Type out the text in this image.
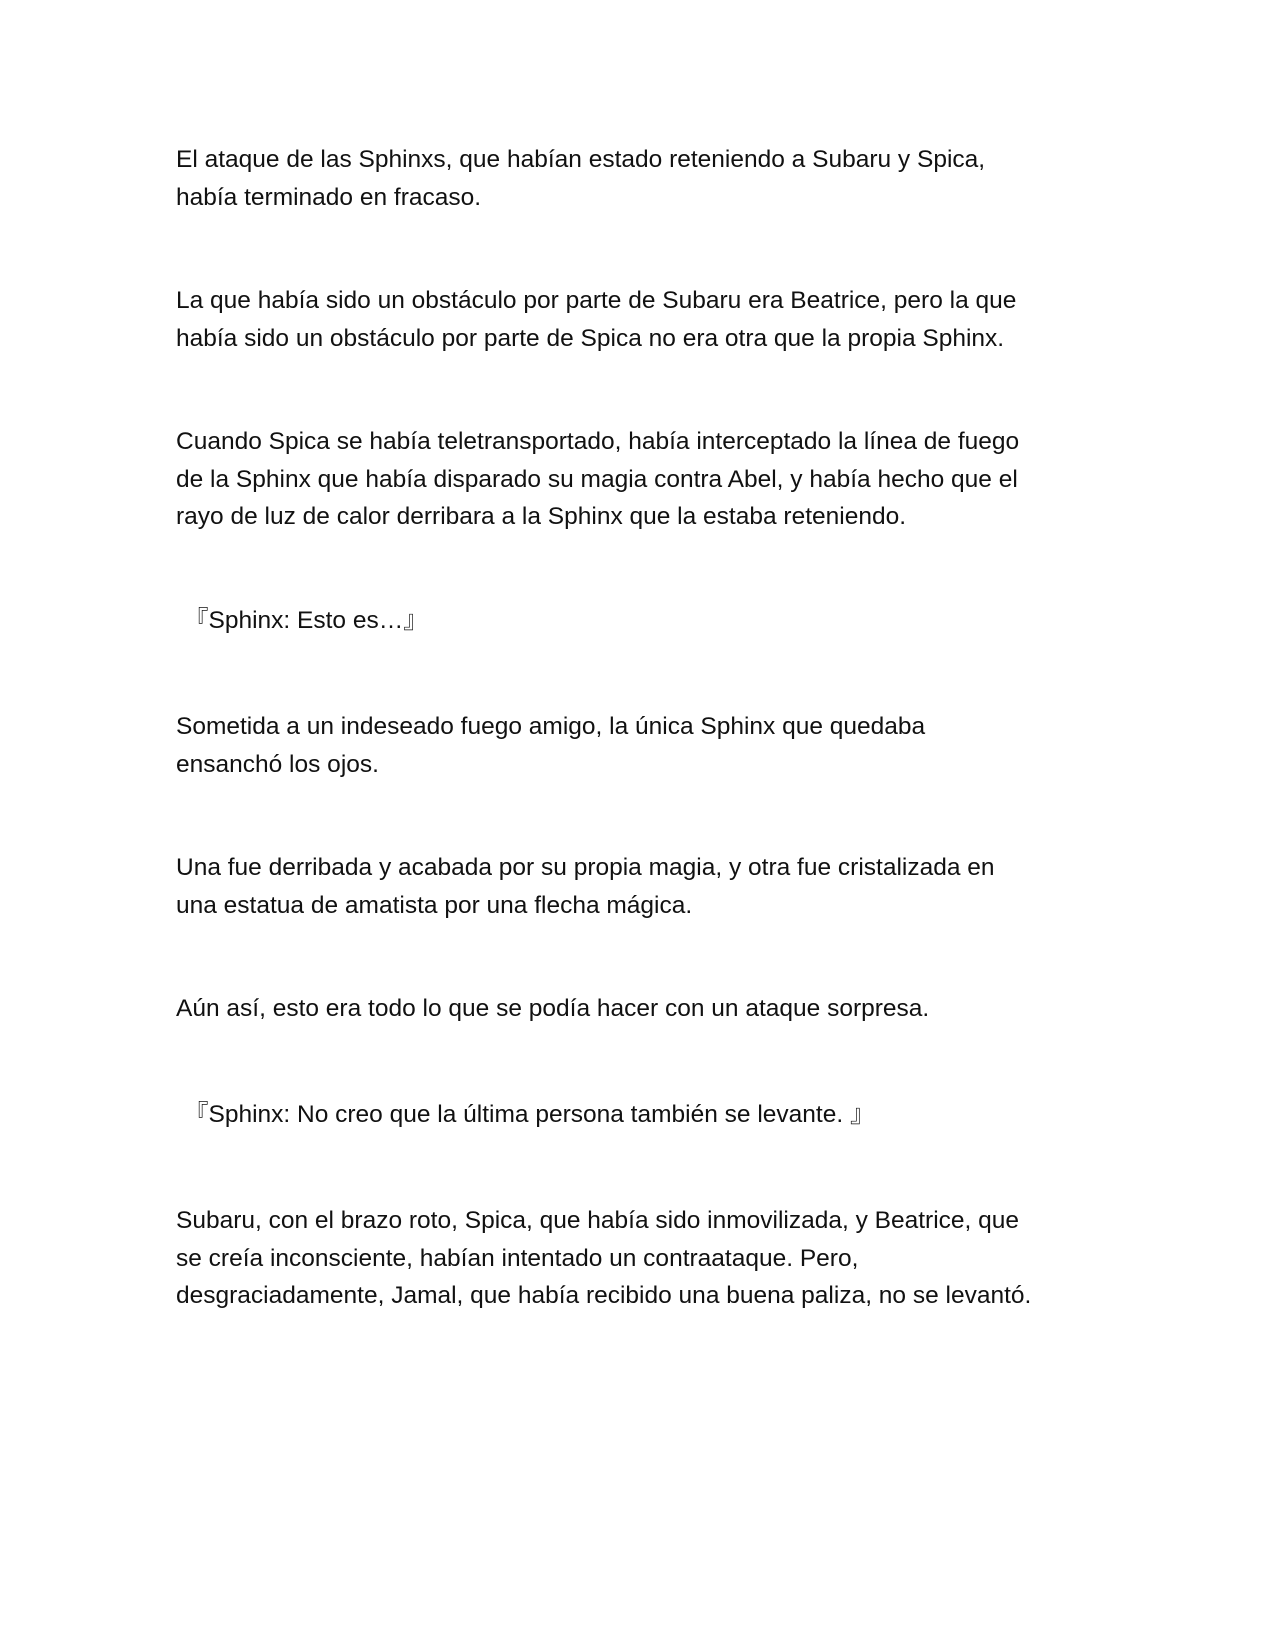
El ataque de las Sphinxs, que habían estado reteniendo a Subaru y Spica,
había terminado en fracaso.

La que había sido un obstáculo por parte de Subaru era Beatrice, pero la que
había sido un obstáculo por parte de Spica no era otra que la propia Sphinx.

Cuando Spica se había teletransportado, había interceptado la línea de fuego
de la Sphinx que había disparado su magia contra Abel, y había hecho que el
rayo de luz de calor derribara a la Sphinx que la estaba reteniendo.

『Sphinx: Esto es…』

Sometida a un indeseado fuego amigo, la única Sphinx que quedaba
ensanchó los ojos.

Una fue derribada y acabada por su propia magia, y otra fue cristalizada en
una estatua de amatista por una flecha mágica.

Aún así, esto era todo lo que se podía hacer con un ataque sorpresa.

『Sphinx: No creo que la última persona también se levante. 』

Subaru, con el brazo roto, Spica, que había sido inmovilizada, y Beatrice, que
se creía inconsciente, habían intentado un contraataque. Pero,
desgraciadamente, Jamal, que había recibido una buena paliza, no se levantó.
